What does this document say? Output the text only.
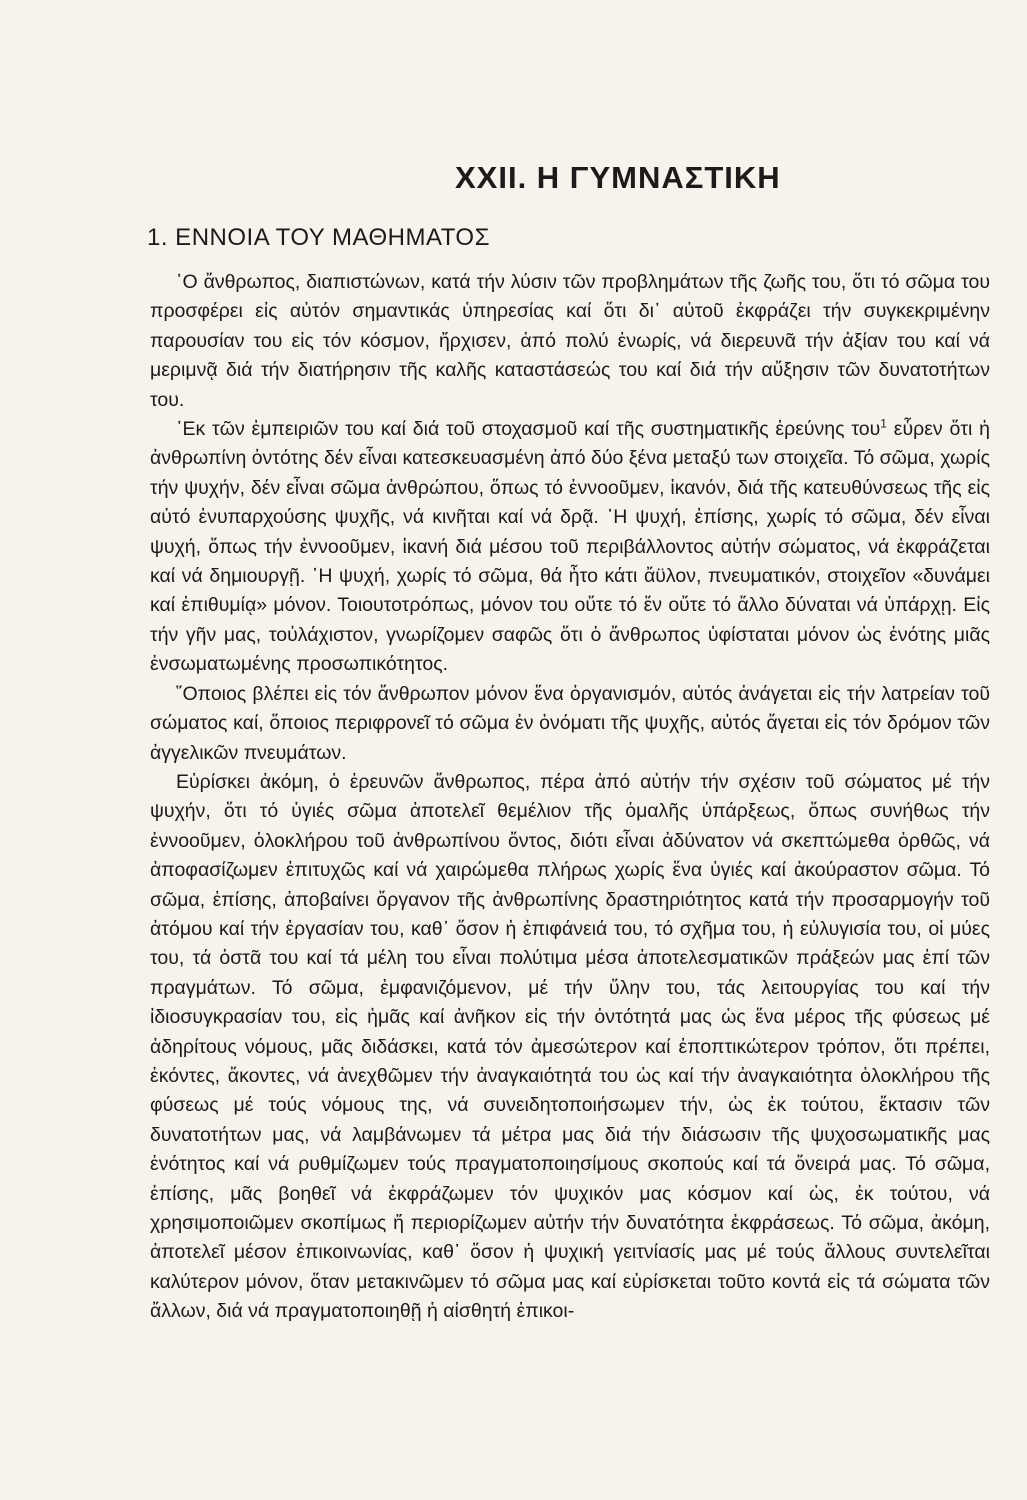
XXII. Η ΓΥΜΝΑΣΤΙΚΗ
1. ΕΝΝΟΙΑ ΤΟΥ ΜΑΘΗΜΑΤΟΣ

῾Ο ἄνθρωπος, διαπιστώνων, κατά τήν λύσιν τῶν προβλημάτων τῆς ζωῆς του, ὅτι τό σῶμα του προσφέρει εἰς αὐτόν σημαντικάς ὑπηρεσίας καί ὅτι δι᾿ αὐτοῦ ἐκφράζει τήν συγκεκριμένην παρουσίαν του εἰς τόν κόσμον, ἤρχισεν, ἀπό πολύ ἐνωρίς, νά διερευνᾶ τήν ἀξίαν του καί νά μεριμνᾷ διά τήν διατήρησιν τῆς καλῆς καταστάσεώς του καί διά τήν αὔξησιν τῶν δυνατοτήτων του.

᾿Εκ τῶν ἐμπειριῶν του καί διά τοῦ στοχασμοῦ καί τῆς συστηματικῆς ἐρεύνης του$^1$ εὗρεν ὅτι ἡ ἀνθρωπίνη ὀντότης δέν εἶναι κατεσκευασμένη ἀπό δύο ξένα μεταξύ των στοιχεῖα. Τό σῶμα, χωρίς τήν ψυχήν, δέν εἶναι σῶμα ἀνθρώπου, ὅπως τό ἐννοοῦμεν, ἱκανόν, διά τῆς κατευθύνσεως τῆς εἰς αὐτό ἐνυπαρχούσης ψυχῆς, νά κινῆται καί νά δρᾷ. ῾Η ψυχή, ἐπίσης, χωρίς τό σῶμα, δέν εἶναι ψυχή, ὅπως τήν ἐννοοῦμεν, ἱκανή διά μέσου τοῦ περιβάλλοντος αὐτήν σώματος, νά ἐκφράζεται καί νά δημιουργῇ. ῾Η ψυχή, χωρίς τό σῶμα, θά ἦτο κάτι ἄϋλον, πνευματικόν, στοιχεῖον «δυνάμει καί ἐπιθυμίᾳ» μόνον. Τοιουτοτρόπως, μόνον του οὔτε τό ἕν οὔτε τό ἄλλο δύναται νά ὑπάρχῃ. Εἰς τήν γῆν μας, τοὐλάχιστον, γνωρίζομεν σαφῶς ὅτι ὁ ἄνθρωπος ὑφίσταται μόνον ὡς ἑνότης μιᾶς ἐνσωματωμένης προσωπικότητος.

῞Οποιος βλέπει εἰς τόν ἄνθρωπον μόνον ἕνα ὀργανισμόν, αὐτός ἀνάγεται εἰς τήν λατρείαν τοῦ σώματος καί, ὅποιος περιφρονεῖ τό σῶμα ἐν ὀνόματι τῆς ψυχῆς, αὐτός ἄγεται εἰς τόν δρόμον τῶν ἀγγελικῶν πνευμάτων.

Εὑρίσκει ἀκόμη, ὁ ἐρευνῶν ἄνθρωπος, πέρα ἀπό αὐτήν τήν σχέσιν τοῦ σώματος μέ τήν ψυχήν, ὅτι τό ὑγιές σῶμα ἀποτελεῖ θεμέλιον τῆς ὁμαλῆς ὑπάρξεως, ὅπως συνήθως τήν ἐννοοῦμεν, ὁλοκλήρου τοῦ ἀνθρωπίνου ὄντος, διότι εἶναι ἀδύνατον νά σκεπτώμεθα ὀρθῶς, νά ἀποφασίζωμεν ἐπιτυχῶς καί νά χαιρώμεθα πλήρως χωρίς ἕνα ὑγιές καί ἀκούραστον σῶμα. Τό σῶμα, ἐπίσης, ἀποβαίνει ὄργανον τῆς ἀνθρωπίνης δραστηριότητος κατά τήν προσαρμογήν τοῦ ἀτόμου καί τήν ἐργασίαν του, καθ᾿ ὅσον ἡ ἐπιφάνειά του, τό σχῆμα του, ἡ εὐλυγισία του, οἱ μύες του, τά ὀστᾶ του καί τά μέλη του εἶναι πολύτιμα μέσα ἀποτελεσματικῶν πράξεών μας ἐπί τῶν πραγμάτων. Τό σῶμα, ἐμφανιζόμενον, μέ τήν ὕλην του, τάς λειτουργίας του καί τήν ἰδιοσυγκρασίαν του, εἰς ἡμᾶς καί ἀνῆκον εἰς τήν ὀντότητά μας ὡς ἕνα μέρος τῆς φύσεως μέ ἀδηρίτους νόμους, μᾶς διδάσκει, κατά τόν ἀμεσώτερον καί ἐποπτικώτερον τρόπον, ὅτι πρέπει, ἑκόντες, ἄκοντες, νά ἀνεχθῶμεν τήν ἀναγκαιότητά του ὡς καί τήν ἀναγκαιότητα ὁλοκλήρου τῆς φύσεως μέ τούς νόμους της, νά συνειδητοποιήσωμεν τήν, ὡς ἐκ τούτου, ἔκτασιν τῶν δυνατοτήτων μας, νά λαμβάνωμεν τά μέτρα μας διά τήν διάσωσιν τῆς ψυχοσωματικῆς μας ἑνότητος καί νά ρυθμίζωμεν τούς πραγματοποιησίμους σκοπούς καί τά ὄνειρά μας. Τό σῶμα, ἐπίσης, μᾶς βοηθεῖ νά ἐκφράζωμεν τόν ψυχικόν μας κόσμον καί ὡς, ἐκ τούτου, νά χρησιμοποιῶμεν σκοπίμως ἤ περιορίζωμεν αὐτήν τήν δυνατότητα ἐκφράσεως. Τό σῶμα, ἀκόμη, ἀποτελεῖ μέσον ἐπικοινωνίας, καθ᾿ ὅσον ἡ ψυχική γειτνίασίς μας μέ τούς ἄλλους συντελεῖται καλύτερον μόνον, ὅταν μετακινῶμεν τό σῶμα μας καί εὑρίσκεται τοῦτο κοντά εἰς τά σώματα τῶν ἄλλων, διά νά πραγματοποιηθῇ ἡ αἰσθητή ἐπικοι-
